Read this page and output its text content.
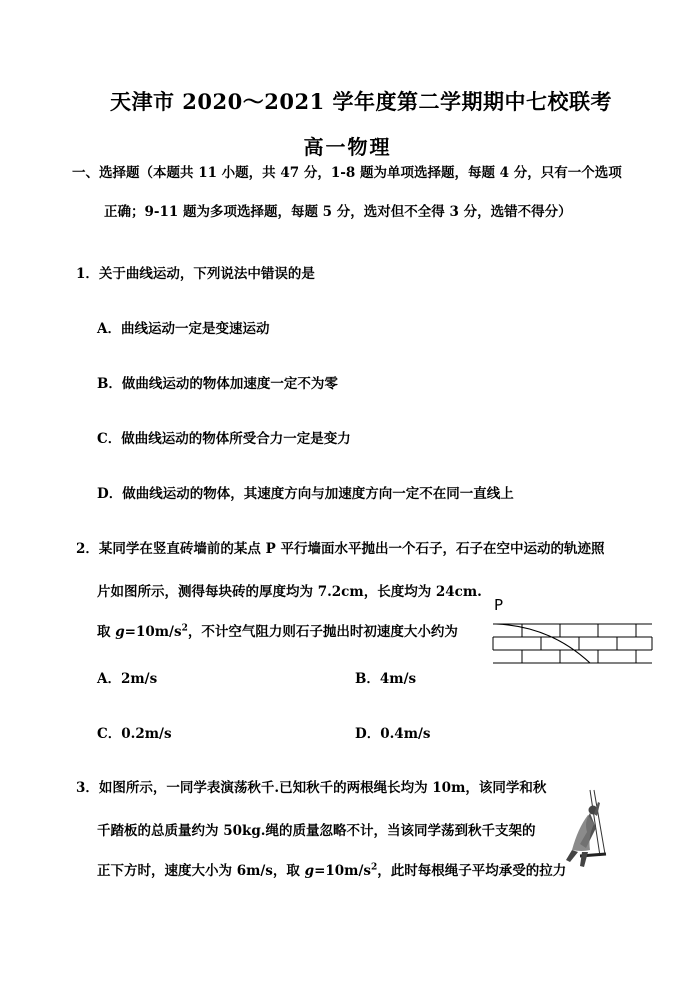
天津市 2020～2021 学年度第二学期期中七校联考
高一物理
一、选择题（本题共 11 小题，共 47 分，1-8 题为单项选择题，每题 4 分，只有一个选项
正确；9-11 题为多项选择题，每题 5 分，选对但不全得 3 分，选错不得分）
1．关于曲线运动，下列说法中错误的是
A．曲线运动一定是变速运动
B．做曲线运动的物体加速度一定不为零
C．做曲线运动的物体所受合力一定是变力
D．做曲线运动的物体，其速度方向与加速度方向一定不在同一直线上
2．某同学在竖直砖墙前的某点 P 平行墙面水平抛出一个石子，石子在空中运动的轨迹照
片如图所示，测得每块砖的厚度均为 7.2cm，长度均为 24cm.
取 $g=10m/s^2$，不计空气阻力则石子抛出时初速度大小约为
P
A．2m/s	B．4m/s
C．0.2m/s	D．0.4m/s
3．如图所示，一同学表演荡秋千.已知秋千的两根绳长均为 10m，该同学和秋
千踏板的总质量约为 50kg.绳的质量忽略不计，当该同学荡到秋千支架的
正下方时，速度大小为 6m/s，取 $g=10m/s^2$，此时每根绳子平均承受的拉力
